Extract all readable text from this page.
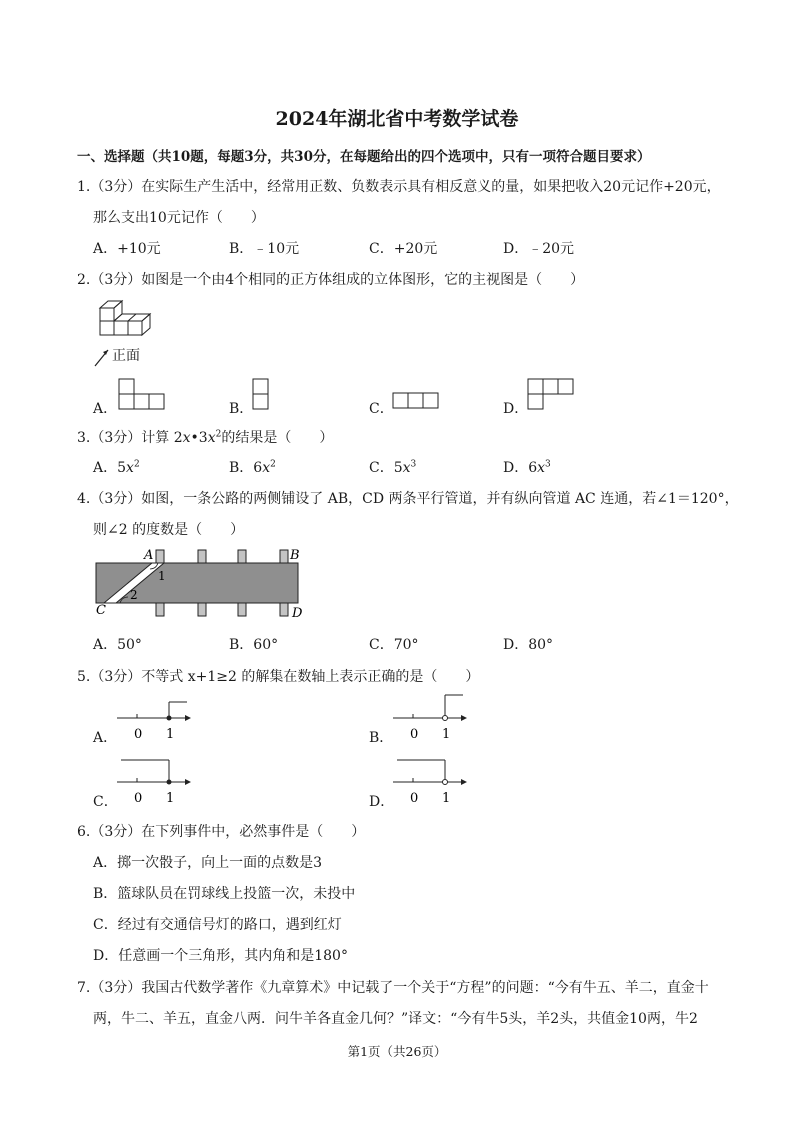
2024年湖北省中考数学试卷
一、选择题（共10题，每题3分，共30分，在每题给出的四个选项中，只有一项符合题目要求）
1.（3分）在实际生产生活中，经常用正数、负数表示具有相反意义的量，如果把收入20元记作+20元，
那么支出10元记作（　　）
A．+10元	B．﹣10元	C．+20元	D．﹣20元
2.（3分）如图是一个由4个相同的正方体组成的立体图形，它的主视图是（　　）
正面
A．	B．	C．	D．
3.（3分）计算 $2x•3x^2$的结果是（　　）
A．$5x^2$	B．$6x^2$	C．$5x^3$	D．$6x^3$
4.（3分）如图，一条公路的两侧铺设了 AB，CD 两条平行管道，并有纵向管道 AC 连通，若∠1＝120°，
则∠2 的度数是（　　）
A	B
C	D
1
2
A．50°	B．60°	C．70°	D．80°
5.（3分）不等式 x+1≥2 的解集在数轴上表示正确的是（　　）
A． 0 1	B． 0 1
C． 0 1	D． 0 1
6.（3分）在下列事件中，必然事件是（　　）
A．掷一次骰子，向上一面的点数是3
B．篮球队员在罚球线上投篮一次，未投中
C．经过有交通信号灯的路口，遇到红灯
D．任意画一个三角形，其内角和是180°
7.（3分）我国古代数学著作《九章算术》中记载了一个关于“方程”的问题：“今有牛五、羊二，直金十
两，牛二、羊五，直金八两．问牛羊各直金几何？”译文：“今有牛5头，羊2头，共值金10两，牛2
第1页（共26页）
